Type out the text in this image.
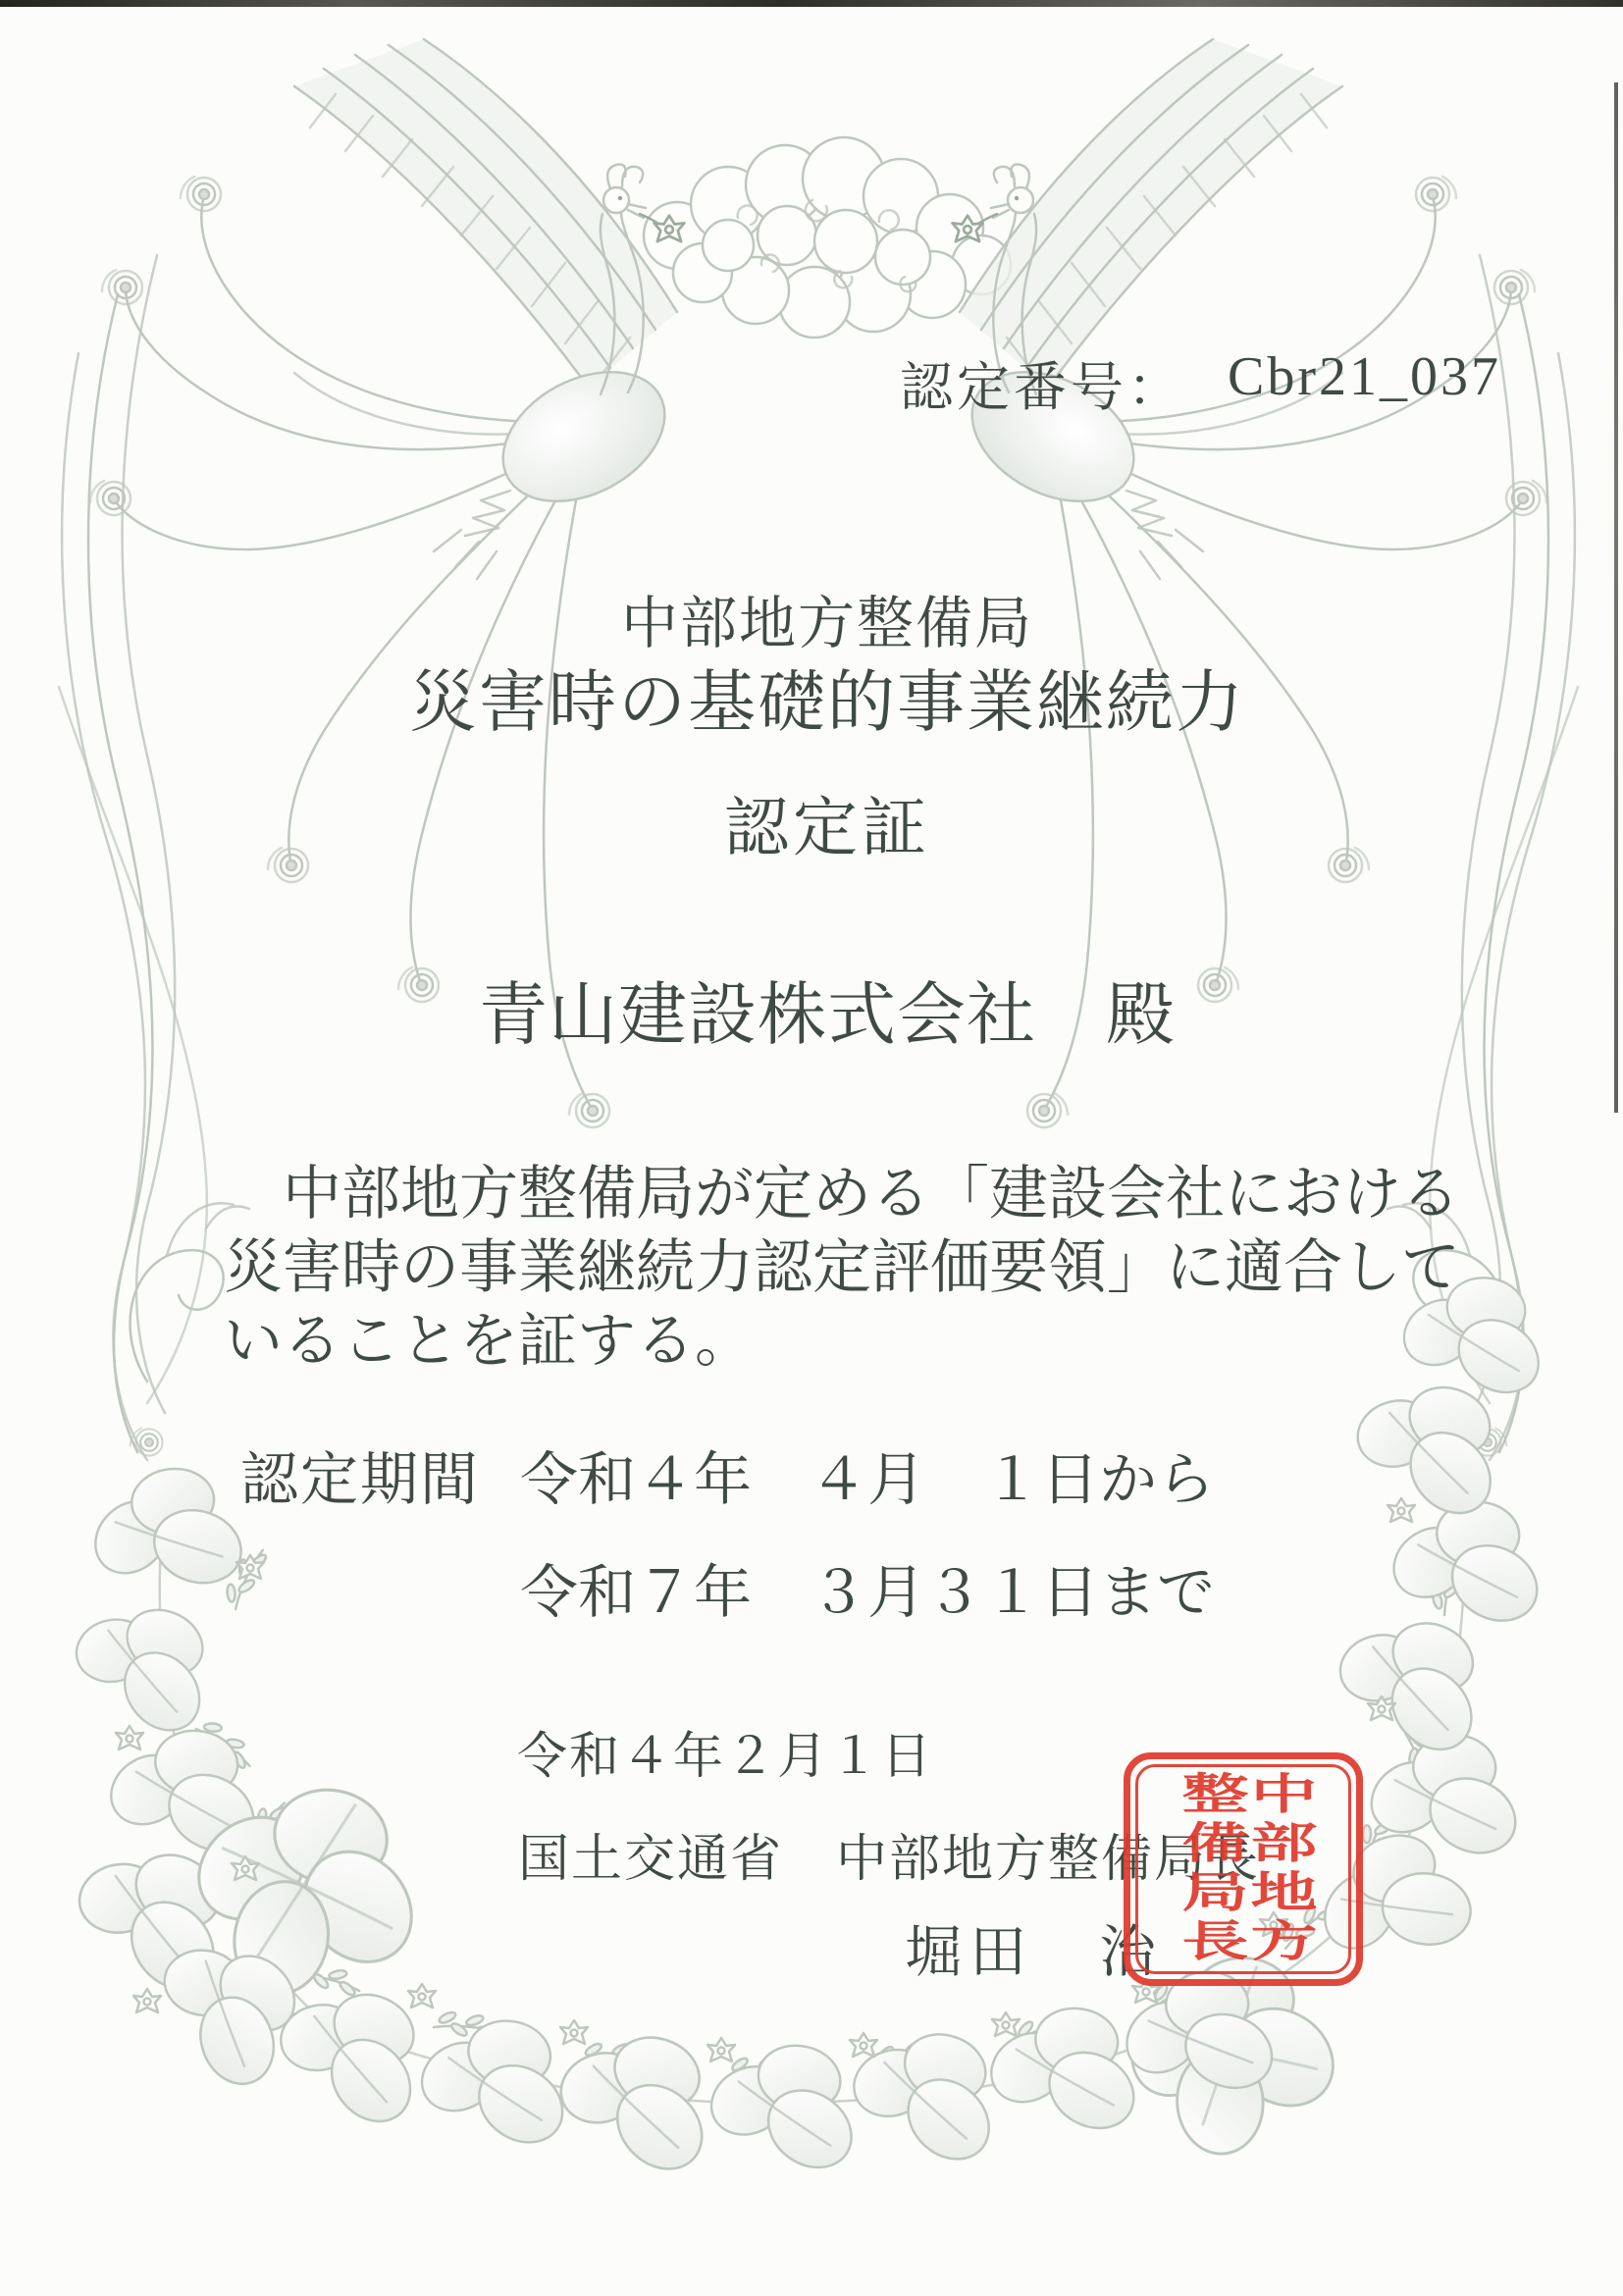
認定番号： Cbr21_037
中部地方整備局
災害時の基礎的事業継続力
認定証
青山建設株式会社　殿
　中部地方整備局が定める「建設会社における
災害時の事業継続力認定評価要領」に適合して
いることを証する。
認定期間 令和４年　４月　１日から
令和７年　３月３１日まで
令和４年２月１日
国土交通省　中部地方整備局長
堀田　治 中部地方
整備局長
